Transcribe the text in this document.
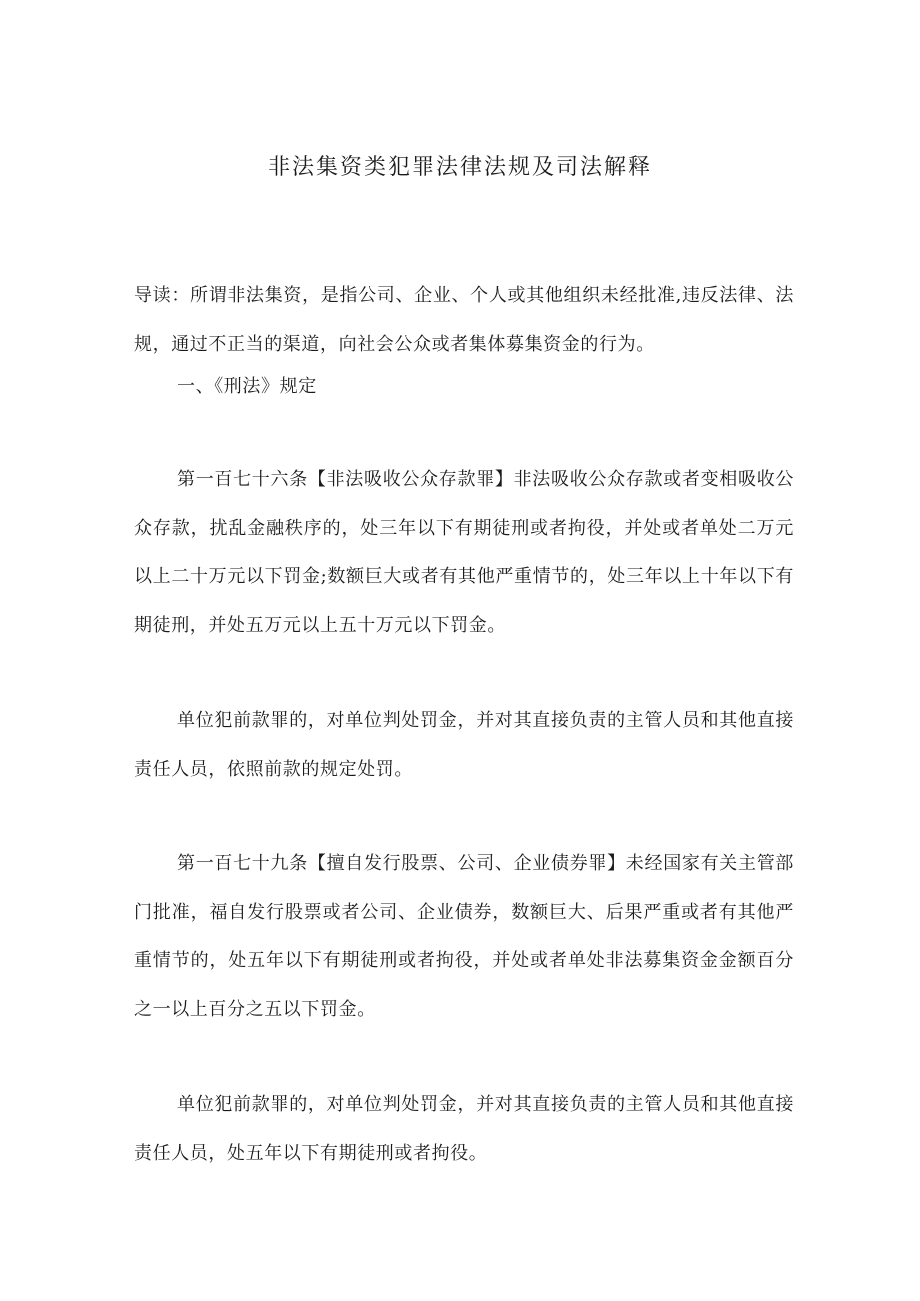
非法集资类犯罪法律法规及司法解释

导读：所谓非法集资，是指公司、企业、个人或其他组织未经批准,违反法律、法规，通过不正当的渠道，向社会公众或者集体募集资金的行为。

一、《刑法》规定

第一百七十六条【非法吸收公众存款罪】非法吸收公众存款或者变相吸收公众存款，扰乱金融秩序的，处三年以下有期徒刑或者拘役，并处或者单处二万元以上二十万元以下罚金;数额巨大或者有其他严重情节的，处三年以上十年以下有期徒刑，并处五万元以上五十万元以下罚金。

单位犯前款罪的，对单位判处罚金，并对其直接负责的主管人员和其他直接责任人员，依照前款的规定处罚。

第一百七十九条【擅自发行股票、公司、企业债券罪】未经国家有关主管部门批准，福自发行股票或者公司、企业债券，数额巨大、后果严重或者有其他严重情节的，处五年以下有期徒刑或者拘役，并处或者单处非法募集资金金额百分之一以上百分之五以下罚金。

单位犯前款罪的，对单位判处罚金，并对其直接负责的主管人员和其他直接责任人员，处五年以下有期徒刑或者拘役。
